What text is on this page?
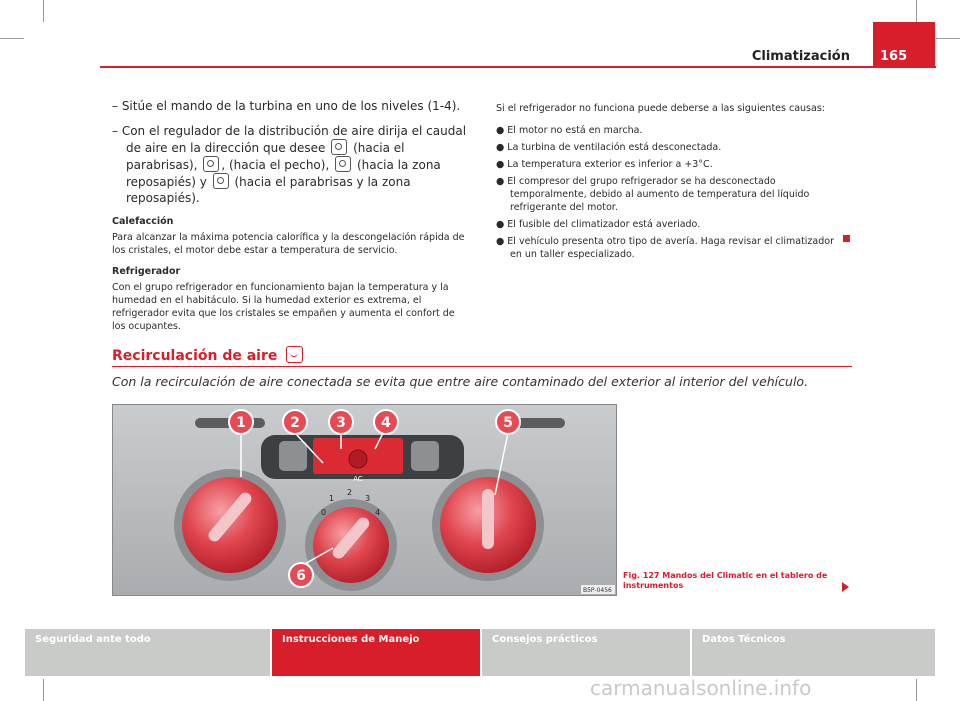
Climatización 165
– Sitúe el mando de la turbina en uno de los niveles (1-4).
– Con el regulador de la distribución de aire dirija el caudal de aire en la dirección que desee (hacia el parabrisas), , (hacia el pecho), (hacia la zona reposapiés) y (hacia el parabrisas y la zona reposapiés).
Calefacción
Para alcanzar la máxima potencia calorífica y la descongelación rápida de los cristales, el motor debe estar a temperatura de servicio.
Refrigerador
Con el grupo refrigerador en funcionamiento bajan la temperatura y la humedad en el habitáculo. Si la humedad exterior es extrema, el refrigerador evita que los cristales se empañen y aumenta el confort de los ocupantes.
Si el refrigerador no funciona puede deberse a las siguientes causas:
● El motor no está en marcha.
● La turbina de ventilación está desconectada.
● La temperatura exterior es inferior a +3°C.
● El compresor del grupo refrigerador se ha desconectado temporalmente, debido al aumento de temperatura del líquido refrigerante del motor.
● El fusible del climatizador está averiado.
● El vehículo presenta otro tipo de avería. Haga revisar el climatizador en un taller especializado.
Recirculación de aire
Con la recirculación de aire conectada se evita que entre aire contaminado del exterior al interior del vehículo.
AC
0
1
2
3
4
1	2	3	4	5
6
B5P-0456
Fig. 127 Mandos del Climatic en el tablero de instrumentos
Seguridad ante todo	Instrucciones de Manejo	Consejos prácticos	Datos Técnicos
carmanualsonline.info
